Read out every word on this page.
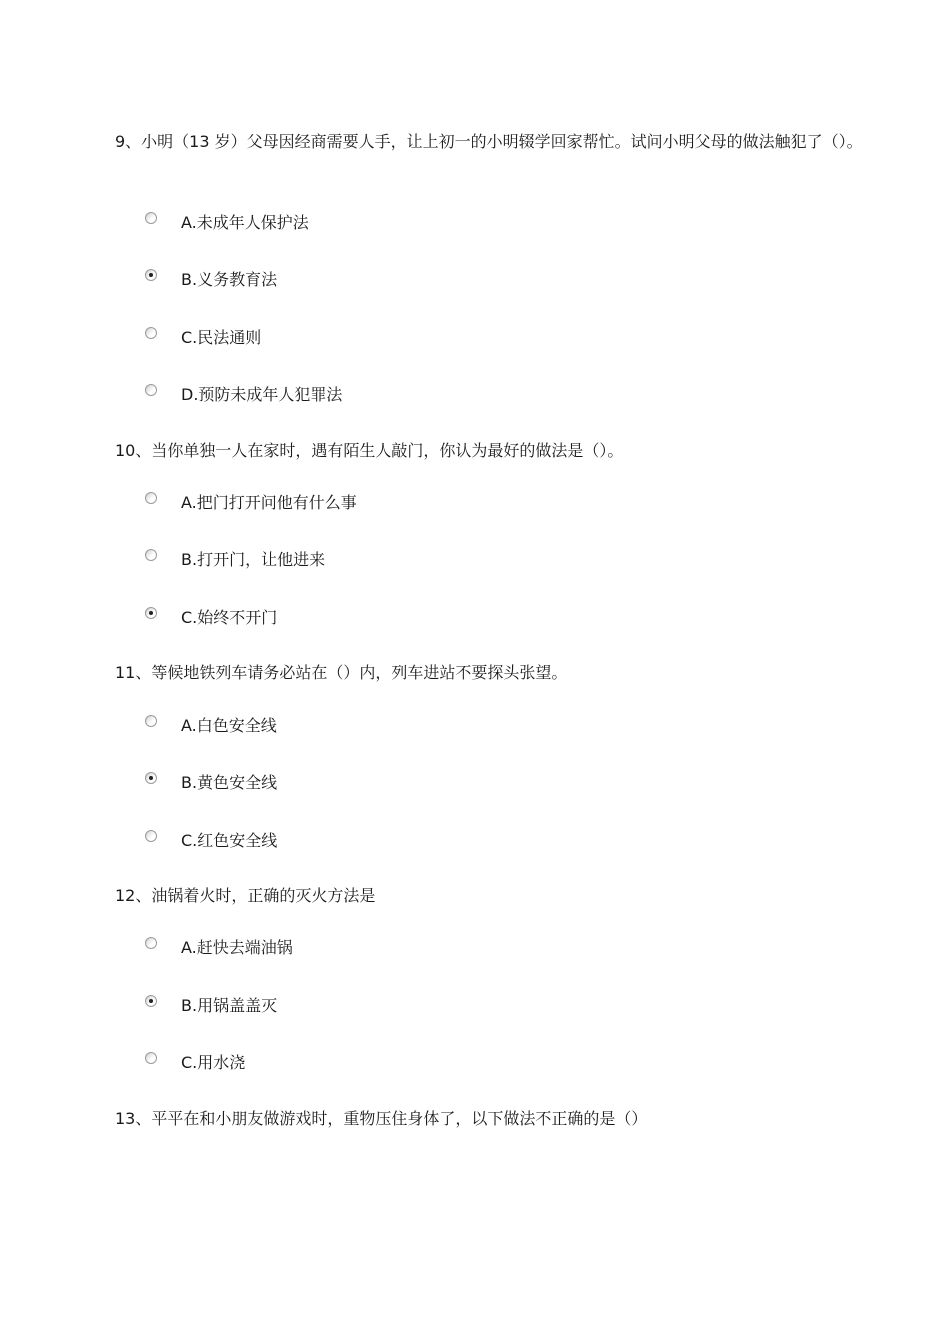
9、小明（13 岁）父母因经商需要人手，让上初一的小明辍学回家帮忙。试问小明父母的做法触犯了（）。
A.未成年人保护法
B.义务教育法
C.民法通则
D.预防未成年人犯罪法
10、当你单独一人在家时，遇有陌生人敲门，你认为最好的做法是（）。
A.把门打开问他有什么事
B.打开门，让他进来
C.始终不开门
11、等候地铁列车请务必站在（）内，列车进站不要探头张望。
A.白色安全线
B.黄色安全线
C.红色安全线
12、油锅着火时，正确的灭火方法是
A.赶快去端油锅
B.用锅盖盖灭
C.用水浇
13、平平在和小朋友做游戏时，重物压住身体了，以下做法不正确的是（）
